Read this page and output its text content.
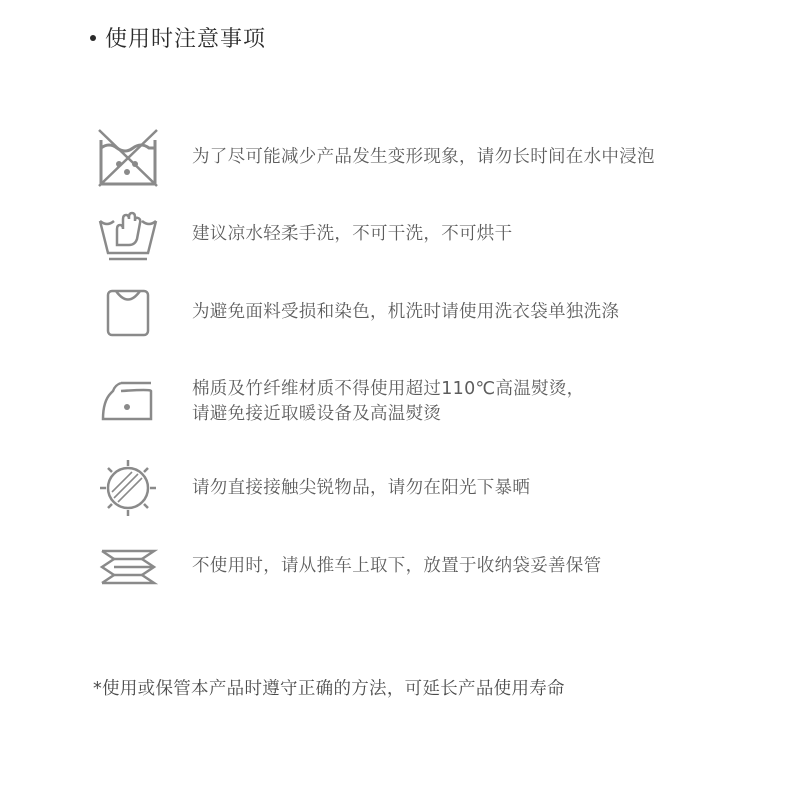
使用时注意事项
为了尽可能减少产品发生变形现象，请勿长时间在水中浸泡
建议凉水轻柔手洗，不可干洗，不可烘干
为避免面料受损和染色，机洗时请使用洗衣袋单独洗涤
棉质及竹纤维材质不得使用超过110℃高温熨烫，
请避免接近取暖设备及高温熨烫
请勿直接接触尖锐物品，请勿在阳光下暴晒
不使用时，请从推车上取下，放置于收纳袋妥善保管
*使用或保管本产品时遵守正确的方法，可延长产品使用寿命
